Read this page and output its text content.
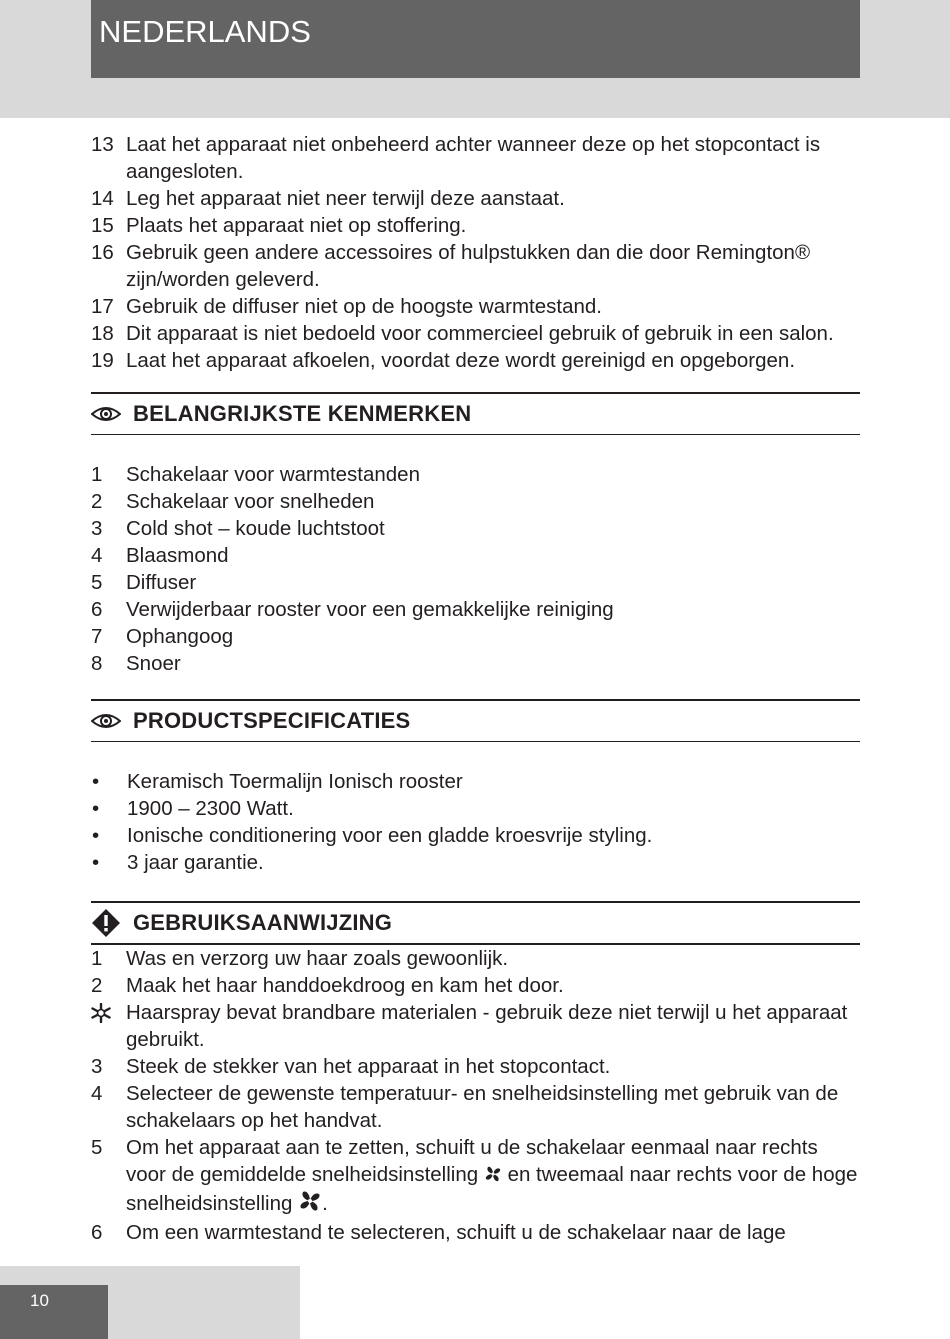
NEDERLANDS
13 Laat het apparaat niet onbeheerd achter wanneer deze op het stopcontact is aangesloten.
14 Leg het apparaat niet neer terwijl deze aanstaat.
15 Plaats het apparaat niet op stoffering.
16 Gebruik geen andere accessoires of hulpstukken dan die door Remington® zijn/worden geleverd.
17 Gebruik de diffuser niet op de hoogste warmtestand.
18 Dit apparaat is niet bedoeld voor commercieel gebruik of gebruik in een salon.
19 Laat het apparaat afkoelen, voordat deze wordt gereinigd en opgeborgen.
BELANGRIJKSTE KENMERKEN
1	Schakelaar voor warmtestanden
2	Schakelaar voor snelheden
3	Cold shot – koude luchtstoot
4	Blaasmond
5	Diffuser
6	Verwijderbaar rooster voor een gemakkelijke reiniging
7	Ophangoog
8	Snoer
PRODUCTSPECIFICATIES
•	Keramisch Toermalijn Ionisch rooster
•	1900 – 2300 Watt.
•	Ionische conditionering voor een gladde kroesvrije styling.
•	3 jaar garantie.
GEBRUIKSAANWIJZING
1	Was en verzorg uw haar zoals gewoonlijk.
2	Maak het haar handdoekdroog en kam het door.
Haarspray bevat brandbare materialen - gebruik deze niet terwijl u het apparaat gebruikt.
3	Steek de stekker van het apparaat in het stopcontact.
4	Selecteer de gewenste temperatuur- en snelheidsinstelling met gebruik van de schakelaars op het handvat.
5	Om het apparaat aan te zetten, schuift u de schakelaar eenmaal naar rechts voor de gemiddelde snelheidsinstelling en tweemaal naar rechts voor de hoge snelheidsinstelling .
6	Om een warmtestand te selecteren, schuift u de schakelaar naar de lage
10
